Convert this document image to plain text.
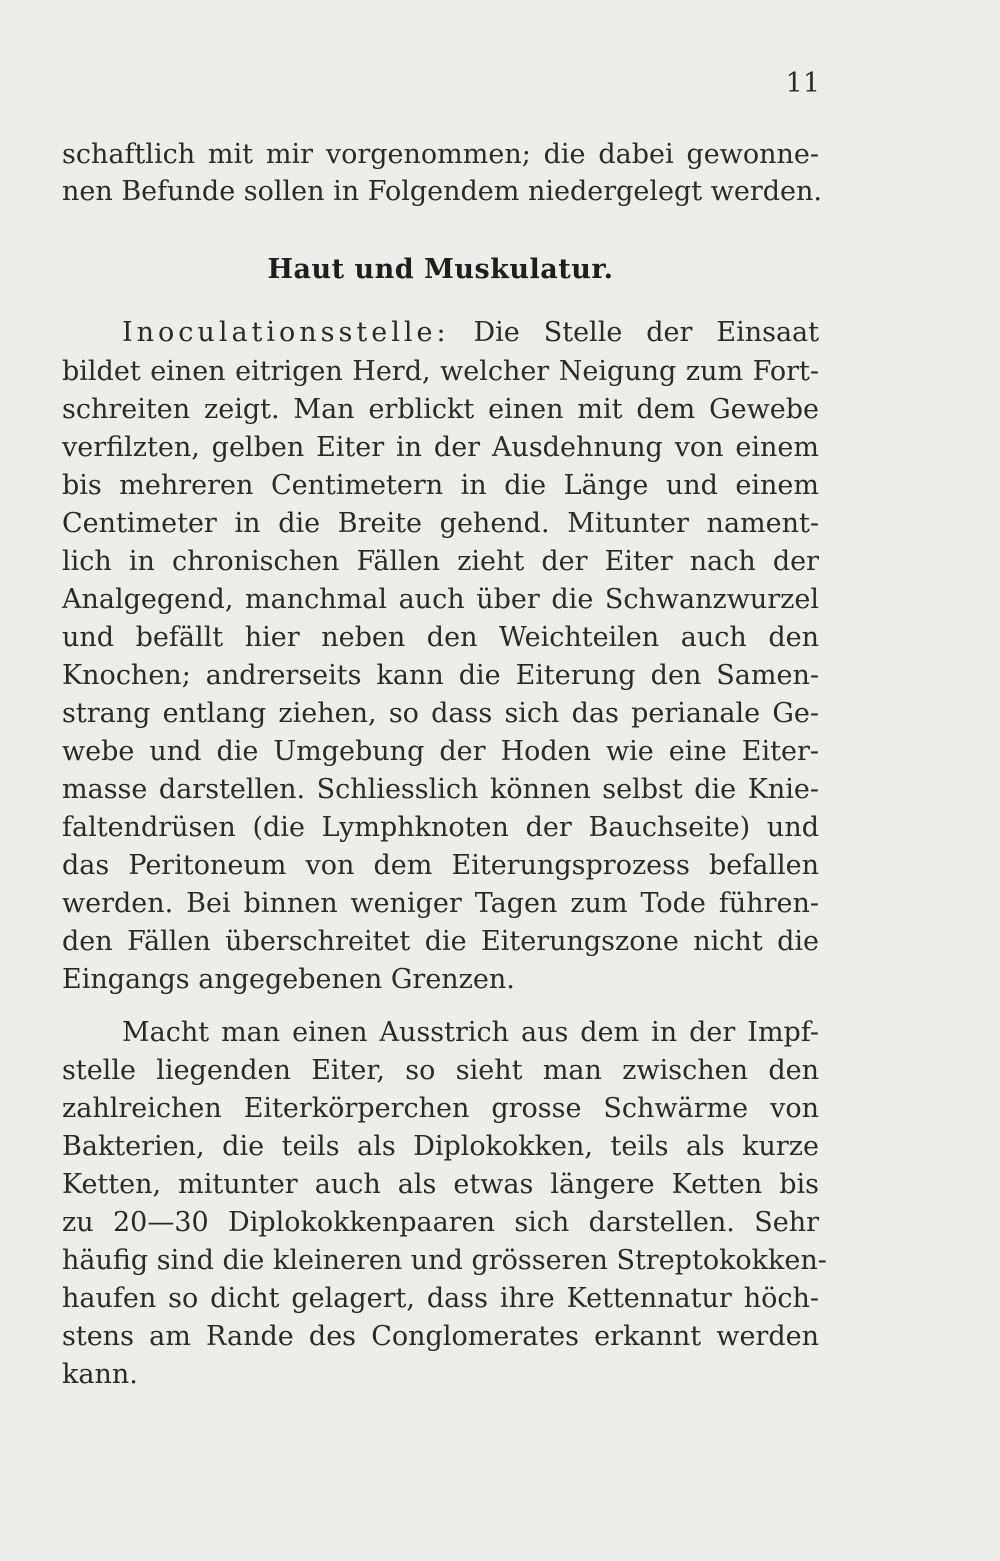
11
schaftlich mit mir vorgenommen; die dabei gewonne-
nen Befunde sollen in Folgendem niedergelegt werden.
Haut und Muskulatur.
Inoculationsstelle: Die Stelle der Einsaat
bildet einen eitrigen Herd, welcher Neigung zum Fort-
schreiten zeigt. Man erblickt einen mit dem Gewebe
verfilzten, gelben Eiter in der Ausdehnung von einem
bis mehreren Centimetern in die Länge und einem
Centimeter in die Breite gehend. Mitunter nament-
lich in chronischen Fällen zieht der Eiter nach der
Analgegend, manchmal auch über die Schwanzwurzel
und befällt hier neben den Weichteilen auch den
Knochen; andrerseits kann die Eiterung den Samen-
strang entlang ziehen, so dass sich das perianale Ge-
webe und die Umgebung der Hoden wie eine Eiter-
masse darstellen. Schliesslich können selbst die Knie-
faltendrüsen (die Lymphknoten der Bauchseite) und
das Peritoneum von dem Eiterungsprozess befallen
werden. Bei binnen weniger Tagen zum Tode führen-
den Fällen überschreitet die Eiterungszone nicht die
Eingangs angegebenen Grenzen.
Macht man einen Ausstrich aus dem in der Impf-
stelle liegenden Eiter, so sieht man zwischen den
zahlreichen Eiterkörperchen grosse Schwärme von
Bakterien, die teils als Diplokokken, teils als kurze
Ketten, mitunter auch als etwas längere Ketten bis
zu 20—30 Diplokokkenpaaren sich darstellen. Sehr
häufig sind die kleineren und grösseren Streptokokken-
haufen so dicht gelagert, dass ihre Kettennatur höch-
stens am Rande des Conglomerates erkannt werden
kann.
